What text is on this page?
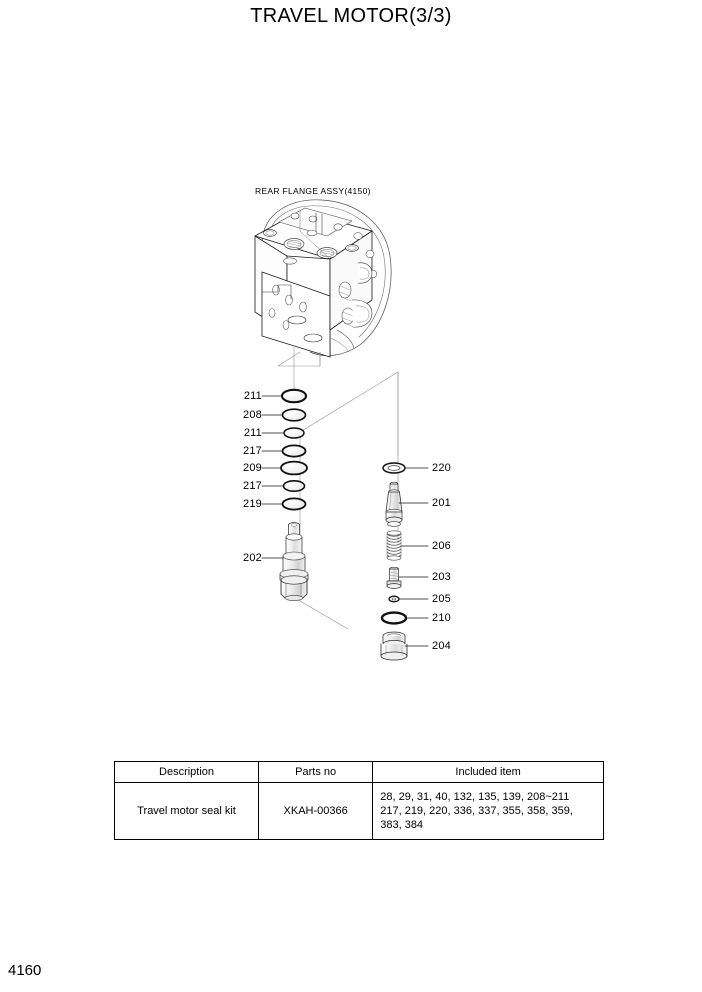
TRAVEL MOTOR(3/3)
REAR FLANGE ASSY(4150)
211
208
211
217
209
217
219
202
220
201
206
203
205
210
204
Description	Parts no	Included item
Travel motor seal kit	XKAH-00366	28, 29, 31, 40, 132, 135, 139, 208~211
217, 219, 220, 336, 337, 355, 358, 359,
383, 384
4160
